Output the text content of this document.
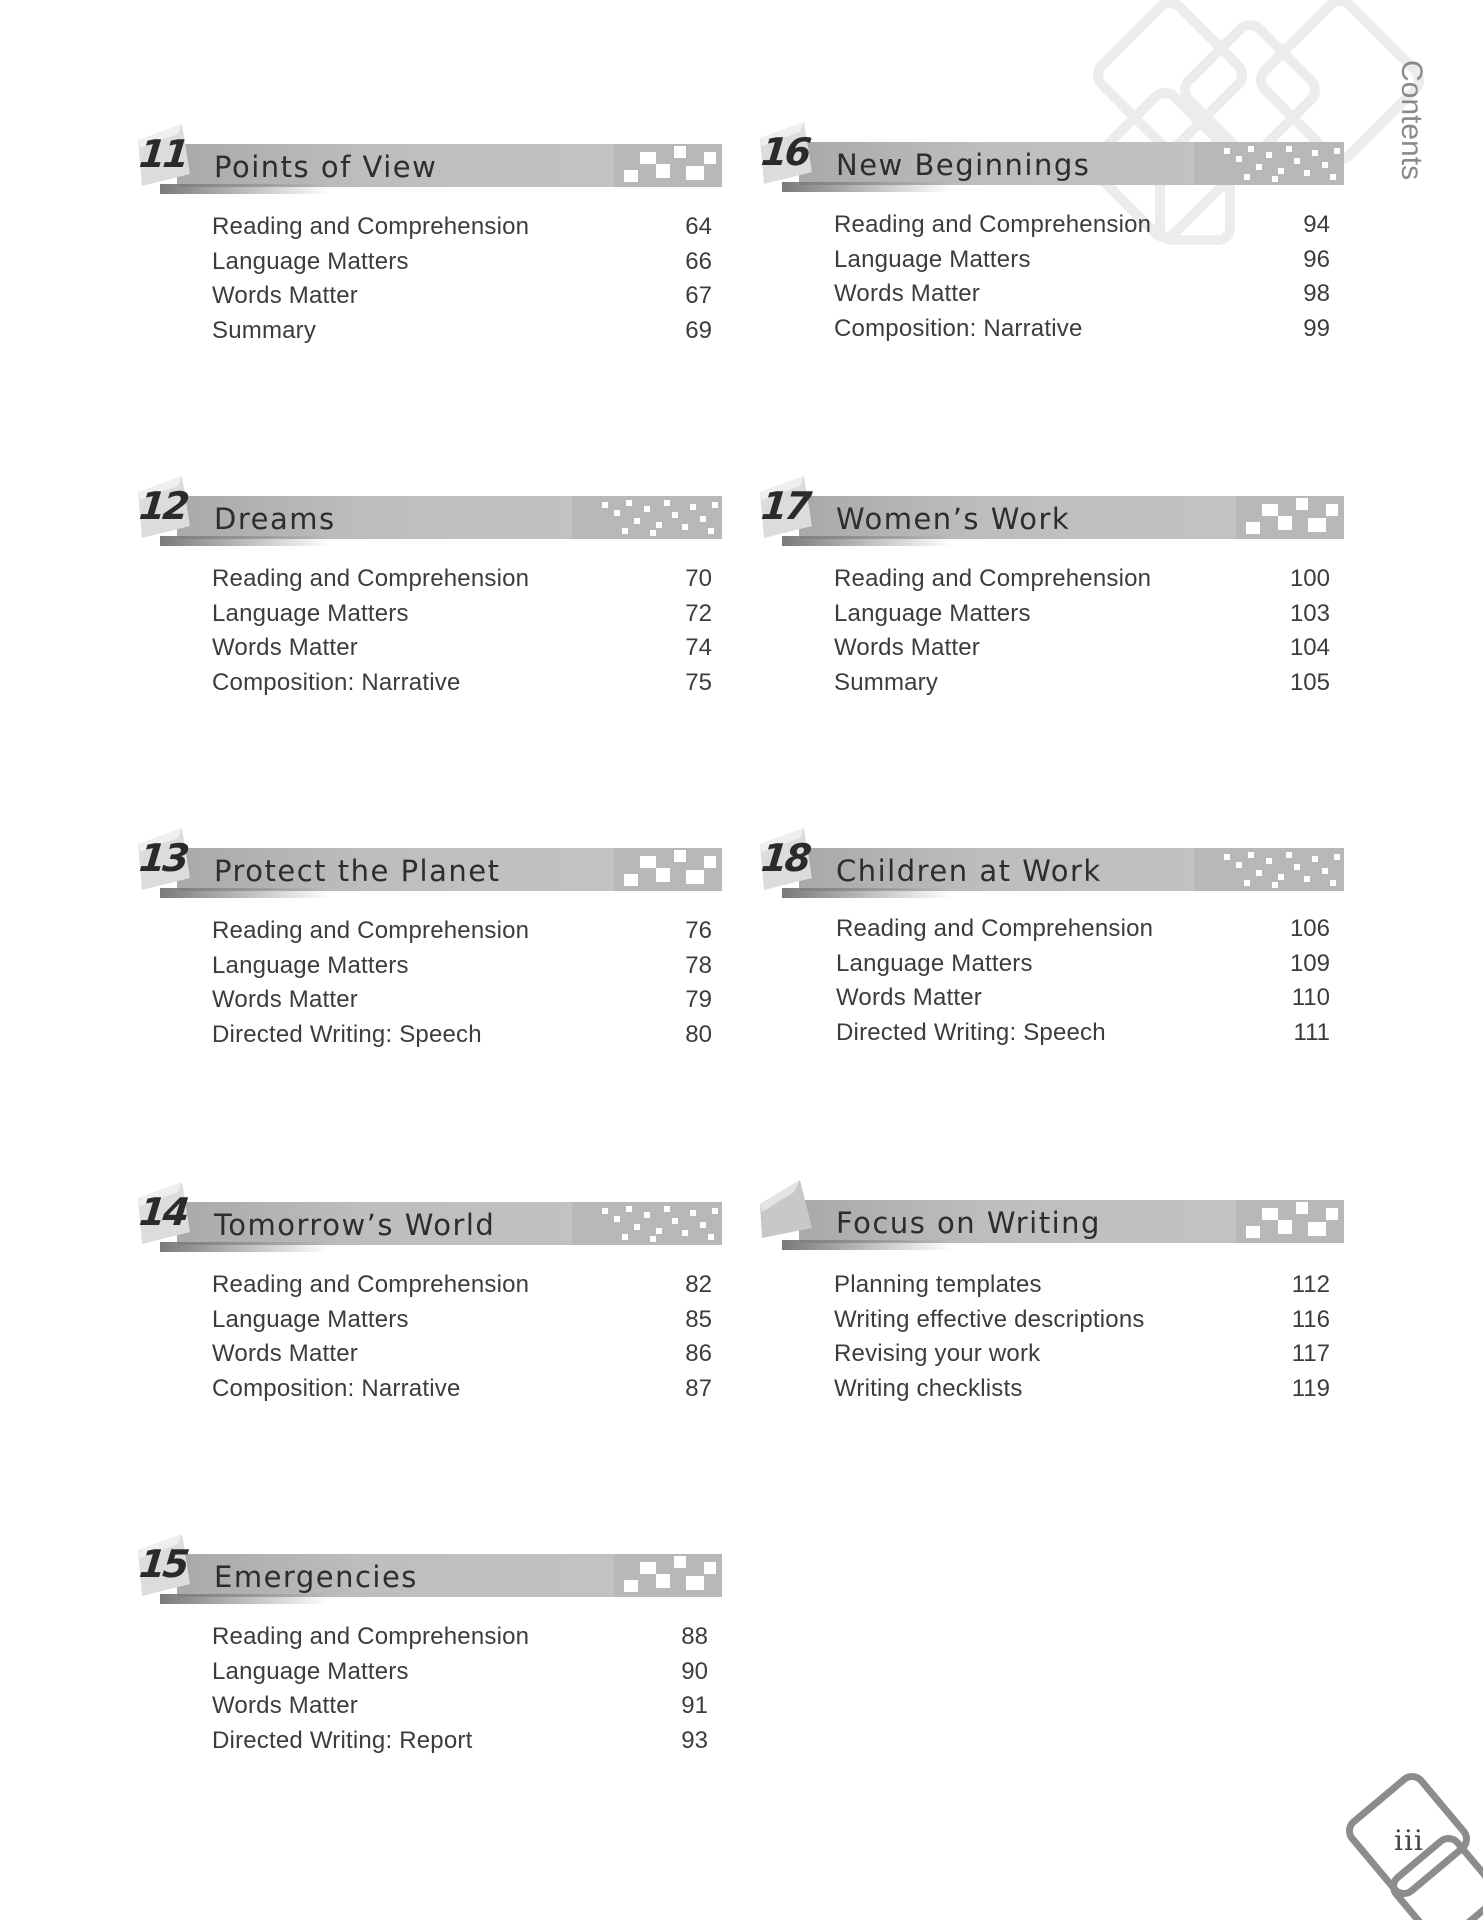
Contents
iii
11 Points of View
Reading and Comprehension	64
Language Matters	66
Words Matter	67
Summary	69
12 Dreams
Reading and Comprehension	70
Language Matters	72
Words Matter	74
Composition: Narrative	75
13 Protect the Planet
Reading and Comprehension	76
Language Matters	78
Words Matter	79
Directed Writing: Speech	80
14 Tomorrow’s World
Reading and Comprehension	82
Language Matters	85
Words Matter	86
Composition: Narrative	87
15 Emergencies
Reading and Comprehension	88
Language Matters	90
Words Matter	91
Directed Writing: Report	93
16 New Beginnings
Reading and Comprehension	94
Language Matters	96
Words Matter	98
Composition: Narrative	99
17 Women’s Work
Reading and Comprehension	100
Language Matters	103
Words Matter	104
Summary	105
18 Children at Work
Reading and Comprehension	106
Language Matters	109
Words Matter	110
Directed Writing: Speech	111
Focus on Writing
Planning templates	112
Writing effective descriptions	116
Revising your work	117
Writing checklists	119
